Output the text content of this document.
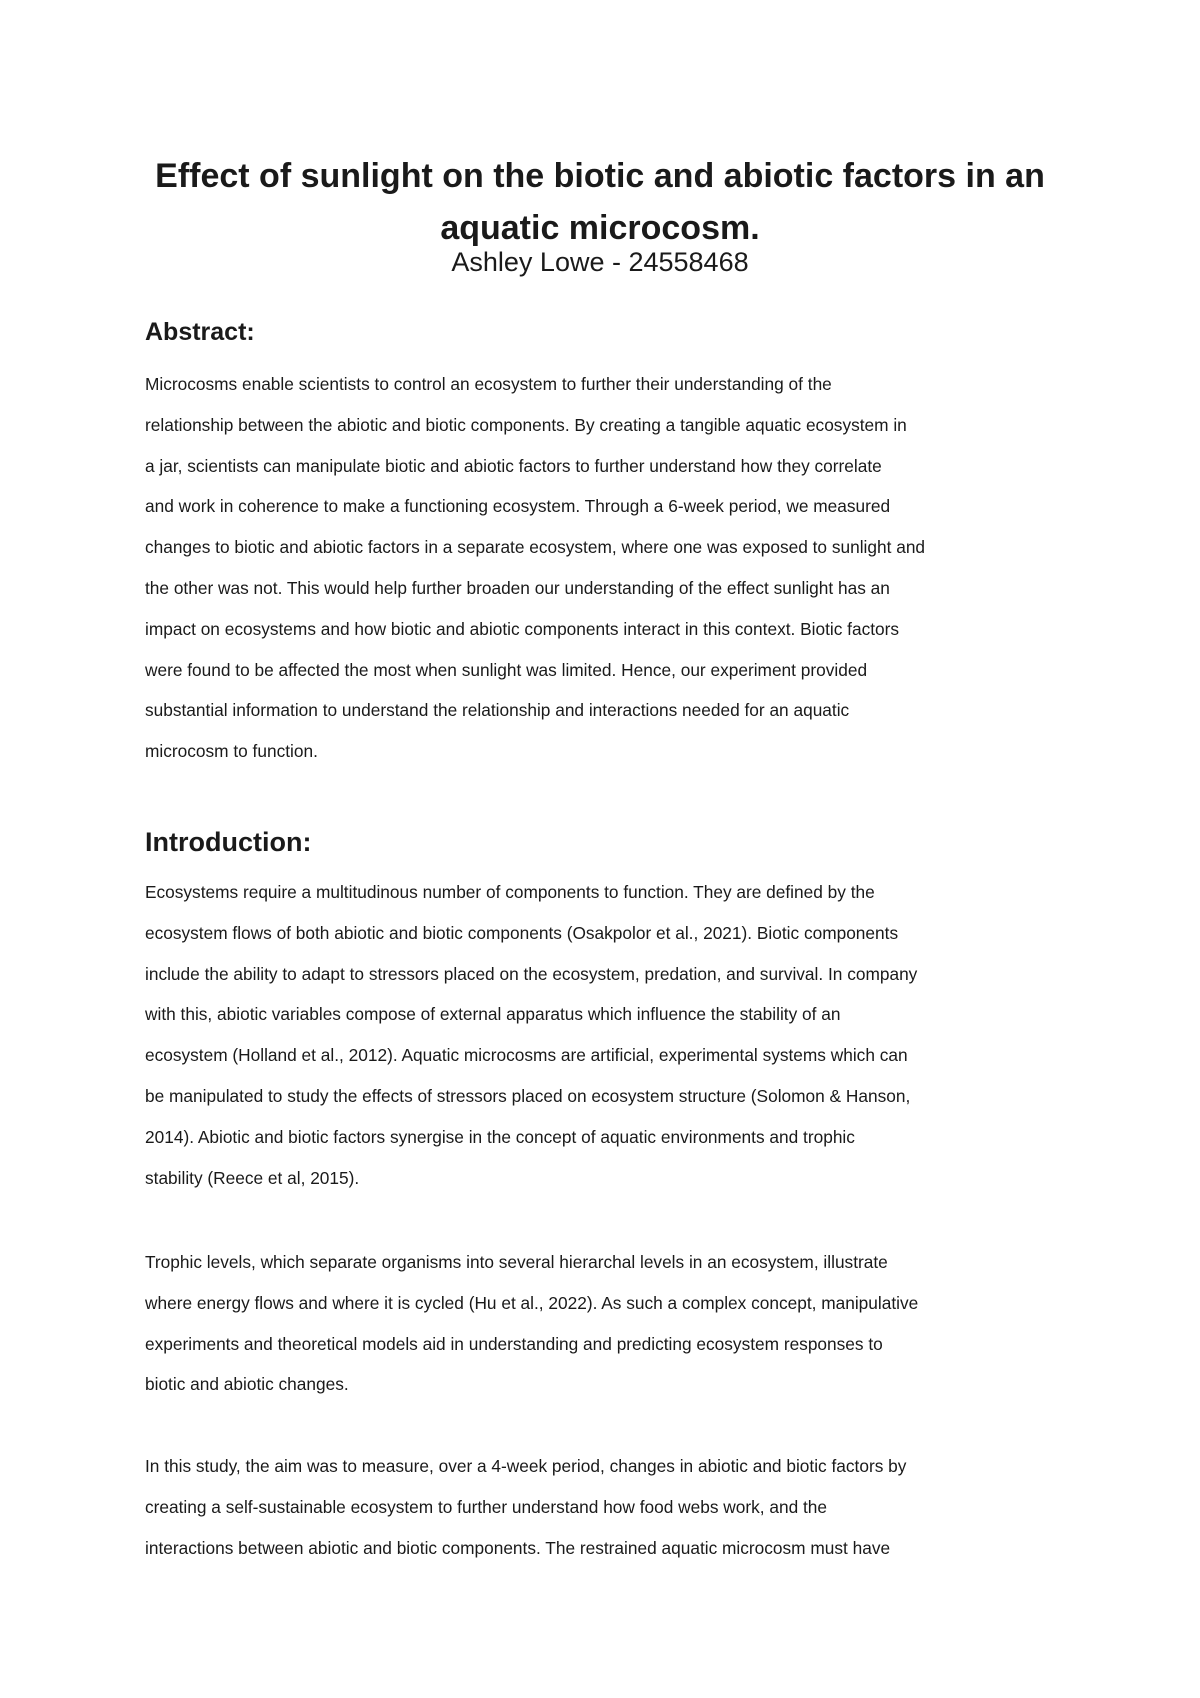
Effect of sunlight on the biotic and abiotic factors in an
aquatic microcosm.
Ashley Lowe - 24558468
Abstract:

Microcosms enable scientists to control an ecosystem to further their understanding of the
relationship between the abiotic and biotic components. By creating a tangible aquatic ecosystem in
a jar, scientists can manipulate biotic and abiotic factors to further understand how they correlate
and work in coherence to make a functioning ecosystem. Through a 6-week period, we measured
changes to biotic and abiotic factors in a separate ecosystem, where one was exposed to sunlight and
the other was not. This would help further broaden our understanding of the effect sunlight has an
impact on ecosystems and how biotic and abiotic components interact in this context. Biotic factors
were found to be affected the most when sunlight was limited. Hence, our experiment provided
substantial information to understand the relationship and interactions needed for an aquatic
microcosm to function.

Introduction:

Ecosystems require a multitudinous number of components to function. They are defined by the
ecosystem flows of both abiotic and biotic components (Osakpolor et al., 2021). Biotic components
include the ability to adapt to stressors placed on the ecosystem, predation, and survival. In company
with this, abiotic variables compose of external apparatus which influence the stability of an
ecosystem (Holland et al., 2012). Aquatic microcosms are artificial, experimental systems which can
be manipulated to study the effects of stressors placed on ecosystem structure (Solomon & Hanson,
2014). Abiotic and biotic factors synergise in the concept of aquatic environments and trophic
stability (Reece et al, 2015).

Trophic levels, which separate organisms into several hierarchal levels in an ecosystem, illustrate
where energy flows and where it is cycled (Hu et al., 2022). As such a complex concept, manipulative
experiments and theoretical models aid in understanding and predicting ecosystem responses to
biotic and abiotic changes.

In this study, the aim was to measure, over a 4-week period, changes in abiotic and biotic factors by
creating a self-sustainable ecosystem to further understand how food webs work, and the
interactions between abiotic and biotic components. The restrained aquatic microcosm must have
